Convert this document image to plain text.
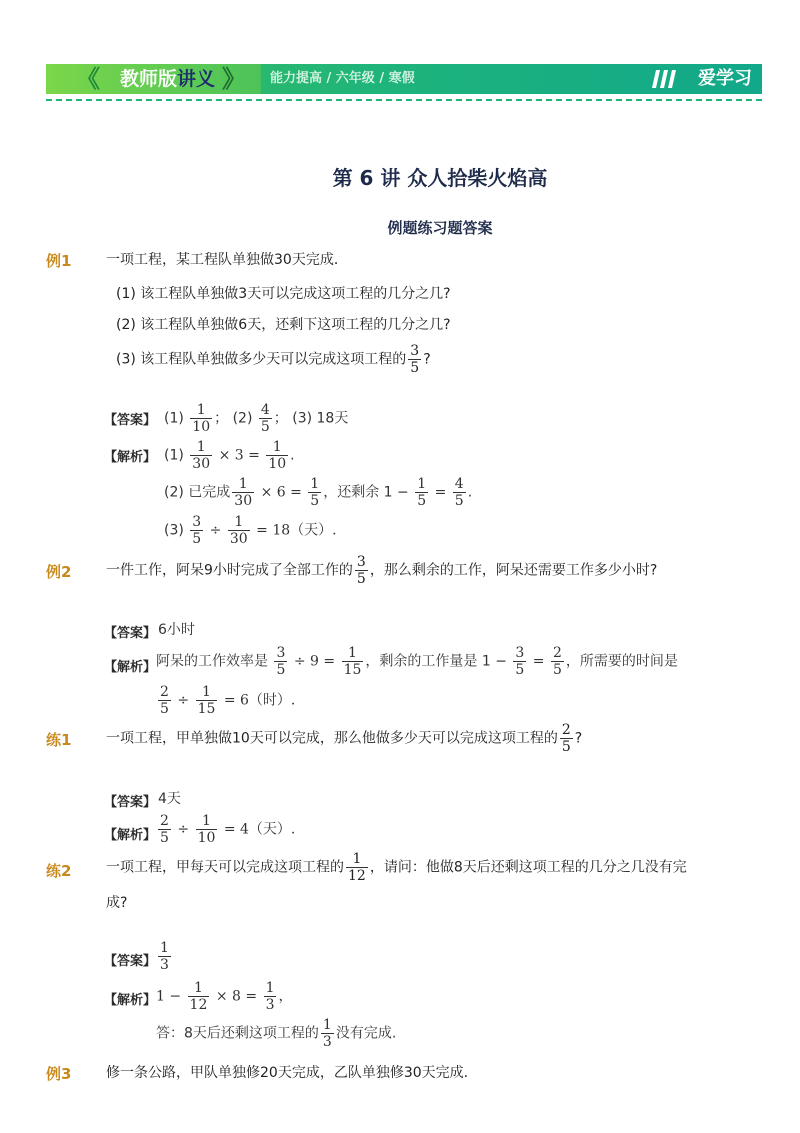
《 教师版讲义 》 能力提高 / 六年级 / 寒假	爱学习
第 6 讲 众人拾柴火焰高
例题练习题答案
例1 一项工程，某工程队单独做30天完成．
(1) 该工程队单独做3天可以完成这项工程的几分之几?
(2) 该工程队单独做6天，还剩下这项工程的几分之几?
(3) 该工程队单独做多少天可以完成这项工程的 $\frac{3}{5}$ ?
【答案】 $(1) \frac{1}{10}$ ； $(2) \frac{4}{5}$ ； (3) 18天
【解析】 $(1) \frac{1}{30} \times 3 = \frac{1}{10}$ .
(2) 已完成 $\frac{1}{30} \times 6 = \frac{1}{5}$ ，还剩余 $1 - \frac{1}{5} = \frac{4}{5}$ .
$(3) \frac{3}{5} \div \frac{1}{30} = 18$（天）.
例2 一件工作，阿呆9小时完成了全部工作的 $\frac{3}{5}$ ，那么剩余的工作，阿呆还需要工作多少小时?
【答案】 6小时
【解析】 阿呆的工作效率是 $\frac{3}{5} \div 9 = \frac{1}{15}$ ，剩余的工作量是 $1 - \frac{3}{5} = \frac{2}{5}$ ，所需要的时间是
$\frac{2}{5} \div \frac{1}{15} = 6$（时）.
练1 一项工程，甲单独做10天可以完成，那么他做多少天可以完成这项工程的 $\frac{2}{5}$ ?
【答案】 4天
【解析】 $\frac{2}{5} \div \frac{1}{10} = 4$（天）.
练2 一项工程，甲每天可以完成这项工程的 $\frac{1}{12}$ ，请问：他做8天后还剩这项工程的几分之几没有完
成?
【答案】 $\frac{1}{3}$
【解析】 $1 - \frac{1}{12} \times 8 = \frac{1}{3}$ ，
答：8天后还剩这项工程的 $\frac{1}{3}$ 没有完成.
例3 修一条公路，甲队单独修20天完成，乙队单独修30天完成.
